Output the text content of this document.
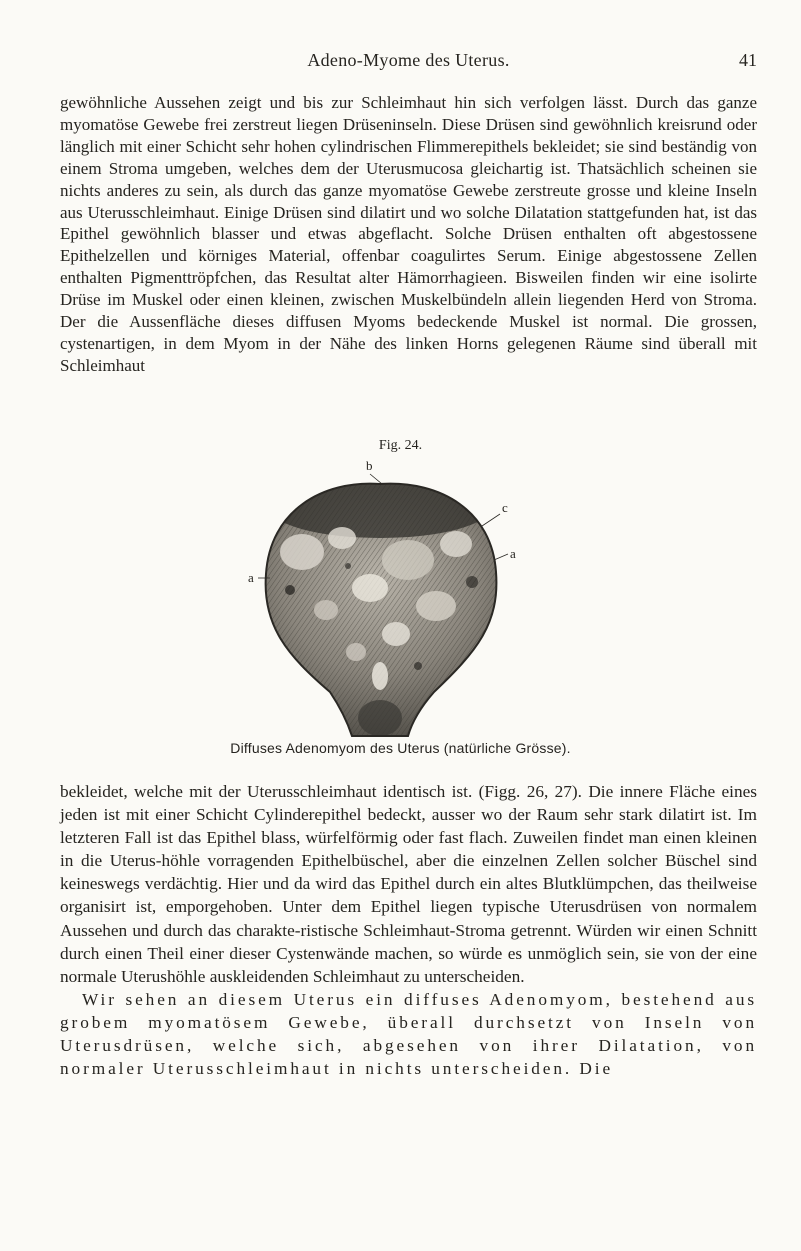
Adeno-Myome des Uterus.	41

gewöhnliche Aussehen zeigt und bis zur Schleimhaut hin sich verfolgen lässt. Durch das ganze myomatöse Gewebe frei zerstreut liegen Drüseninseln. Diese Drüsen sind gewöhnlich kreisrund oder länglich mit einer Schicht sehr hohen cylindrischen Flimmerepithels bekleidet; sie sind beständig von einem Stroma umgeben, welches dem der Uterusmucosa gleichartig ist. Thatsächlich scheinen sie nichts anderes zu sein, als durch das ganze myomatöse Gewebe zerstreute grosse und kleine Inseln aus Uterusschleimhaut. Einige Drüsen sind dilatirt und wo solche Dilatation stattgefunden hat, ist das Epithel gewöhnlich blasser und etwas abgeflacht. Solche Drüsen enthalten oft abgestossene Epithelzellen und körniges Material, offenbar coagulirtes Serum. Einige abgestossene Zellen enthalten Pigmenttröpfchen, das Resultat alter Hämorrhagieen. Bisweilen finden wir eine isolirte Drüse im Muskel oder einen kleinen, zwischen Muskelbündeln allein liegenden Herd von Stroma. Der die Aussenfläche dieses diffusen Myoms bedeckende Muskel ist normal. Die grossen, cystenartigen, in dem Myom in der Nähe des linken Horns gelegenen Räume sind überall mit Schleimhaut

Fig. 24.
b
c
a
a
Diffuses Adenomyom des Uterus (natürliche Grösse).

bekleidet, welche mit der Uterusschleimhaut identisch ist. (Figg. 26, 27). Die innere Fläche eines jeden ist mit einer Schicht Cylinderepithel bedeckt, ausser wo der Raum sehr stark dilatirt ist. Im letzteren Fall ist das Epithel blass, würfelförmig oder fast flach. Zuweilen findet man einen kleinen in die Uterus-höhle vorragenden Epithelbüschel, aber die einzelnen Zellen solcher Büschel sind keineswegs verdächtig. Hier und da wird das Epithel durch ein altes Blutklümpchen, das theilweise organisirt ist, emporgehoben. Unter dem Epithel liegen typische Uterusdrüsen von normalem Aussehen und durch das charakte-ristische Schleimhaut-Stroma getrennt. Würden wir einen Schnitt durch einen Theil einer dieser Cystenwände machen, so würde es unmöglich sein, sie von der eine normale Uterushöhle auskleidenden Schleimhaut zu unterscheiden.

Wir sehen an diesem Uterus ein diffuses Adenomyom, bestehend aus grobem myomatösem Gewebe, überall durchsetzt von Inseln von Uterusdrüsen, welche sich, abgesehen von ihrer Dilatation, von normaler Uterusschleimhaut in nichts unterscheiden. Die
